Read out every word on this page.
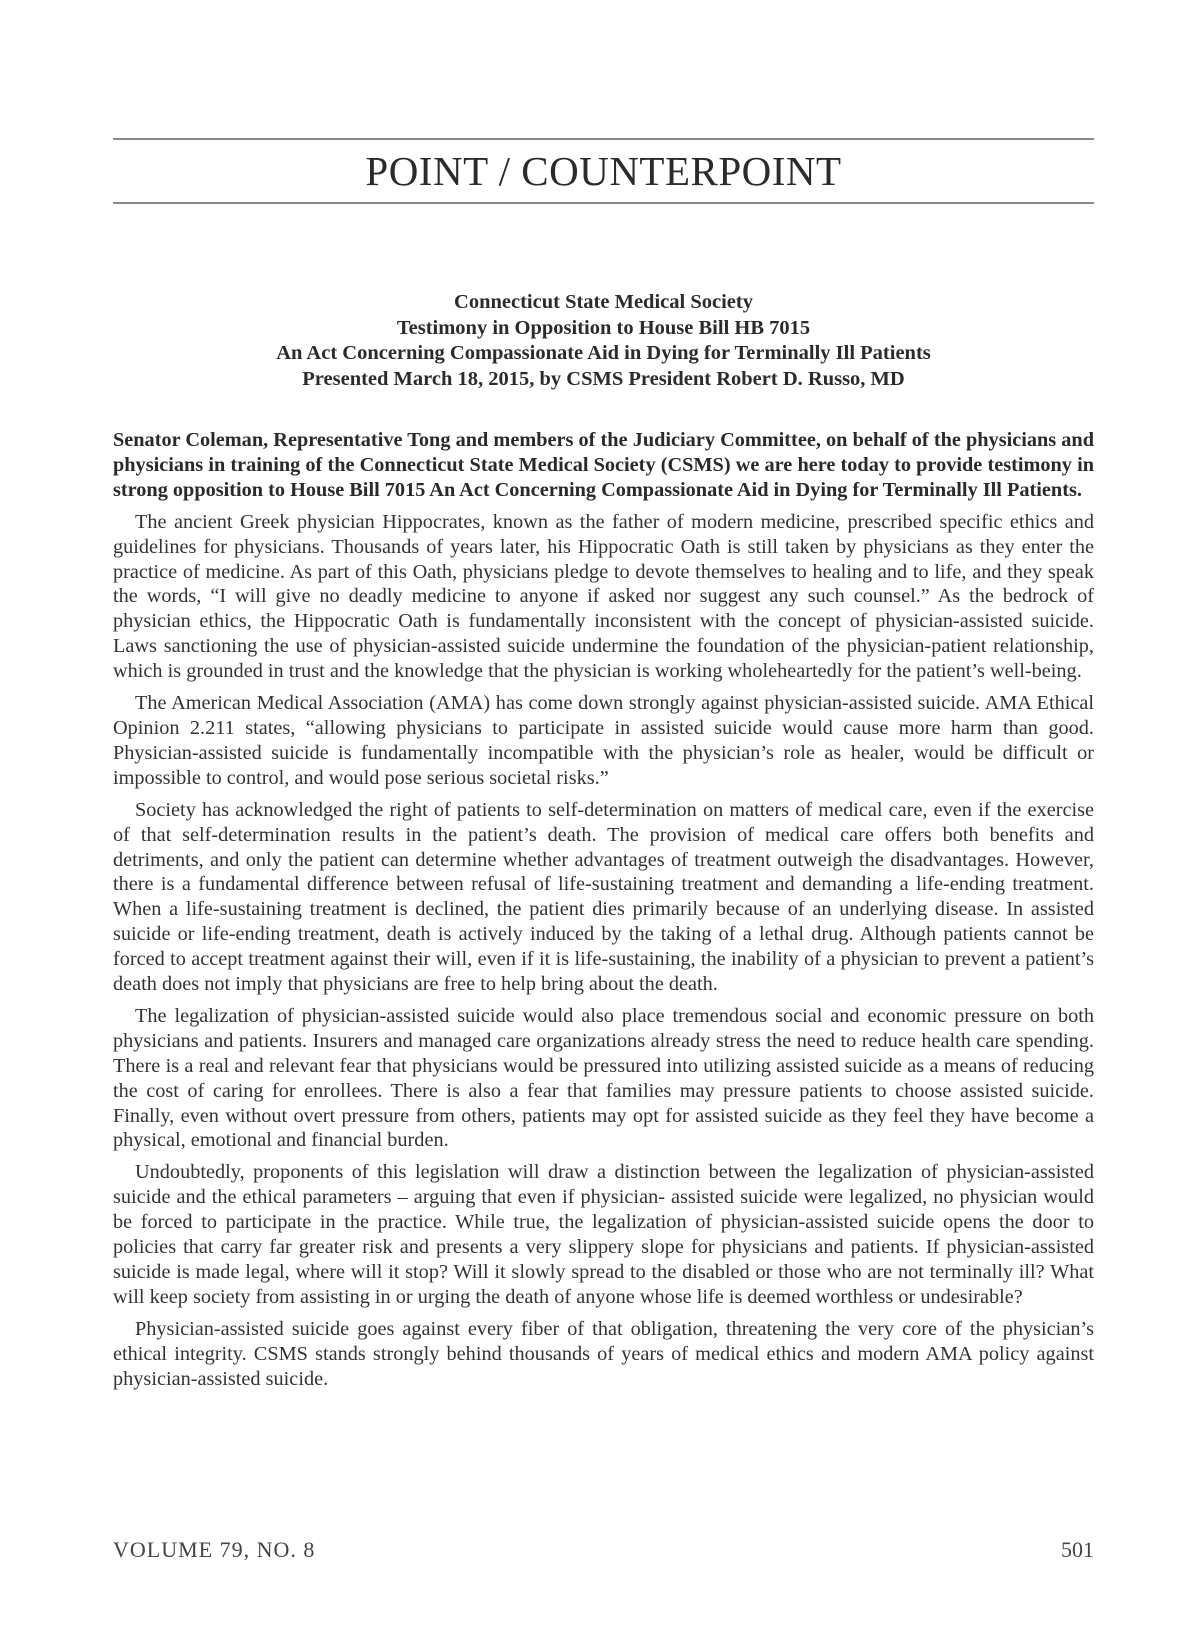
POINT / COUNTERPOINT
Connecticut State Medical Society
Testimony in Opposition to House Bill HB 7015
An Act Concerning Compassionate Aid in Dying for Terminally Ill Patients
Presented March 18, 2015, by CSMS President Robert D. Russo, MD

Senator Coleman, Representative Tong and members of the Judiciary Committee, on behalf of the physicians and physicians in training of the Connecticut State Medical Society (CSMS) we are here today to provide testimony in strong opposition to House Bill 7015 An Act Concerning Compassionate Aid in Dying for Terminally Ill Patients.

The ancient Greek physician Hippocrates, known as the father of modern medicine, prescribed specific ethics and guidelines for physicians. Thousands of years later, his Hippocratic Oath is still taken by physicians as they enter the practice of medicine. As part of this Oath, physicians pledge to devote themselves to healing and to life, and they speak the words, “I will give no deadly medicine to anyone if asked nor suggest any such counsel.” As the bedrock of physician ethics, the Hippocratic Oath is fundamentally inconsistent with the concept of physician-assisted suicide. Laws sanctioning the use of physician-assisted suicide undermine the foundation of the physician-patient relationship, which is grounded in trust and the knowledge that the physician is working wholeheartedly for the patient’s well-being.

The American Medical Association (AMA) has come down strongly against physician-assisted suicide. AMA Ethical Opinion 2.211 states, “allowing physicians to participate in assisted suicide would cause more harm than good. Physician-assisted suicide is fundamentally incompatible with the physician’s role as healer, would be difficult or impossible to control, and would pose serious societal risks.”

Society has acknowledged the right of patients to self-determination on matters of medical care, even if the exercise of that self-determination results in the patient’s death. The provision of medical care offers both benefits and detriments, and only the patient can determine whether advantages of treatment outweigh the disadvantages. However, there is a fundamental difference between refusal of life-sustaining treatment and demanding a life-ending treatment. When a life-sustaining treatment is declined, the patient dies primarily because of an underlying disease. In assisted suicide or life-ending treatment, death is actively induced by the taking of a lethal drug. Although patients cannot be forced to accept treatment against their will, even if it is life-sustaining, the inability of a physician to prevent a patient’s death does not imply that physicians are free to help bring about the death.

The legalization of physician-assisted suicide would also place tremendous social and economic pressure on both physicians and patients. Insurers and managed care organizations already stress the need to reduce health care spending. There is a real and relevant fear that physicians would be pressured into utilizing assisted suicide as a means of reducing the cost of caring for enrollees. There is also a fear that families may pressure patients to choose assisted suicide. Finally, even without overt pressure from others, patients may opt for assisted suicide as they feel they have become a physical, emotional and financial burden.

Undoubtedly, proponents of this legislation will draw a distinction between the legalization of physician-assisted suicide and the ethical parameters – arguing that even if physician- assisted suicide were legalized, no physician would be forced to participate in the practice. While true, the legalization of physician-assisted suicide opens the door to policies that carry far greater risk and presents a very slippery slope for physicians and patients. If physician-assisted suicide is made legal, where will it stop? Will it slowly spread to the disabled or those who are not terminally ill? What will keep society from assisting in or urging the death of anyone whose life is deemed worthless or undesirable?

Physician-assisted suicide goes against every fiber of that obligation, threatening the very core of the physician’s ethical integrity. CSMS stands strongly behind thousands of years of medical ethics and modern AMA policy against physician-assisted suicide.

VOLUME 79, NO. 8	501
